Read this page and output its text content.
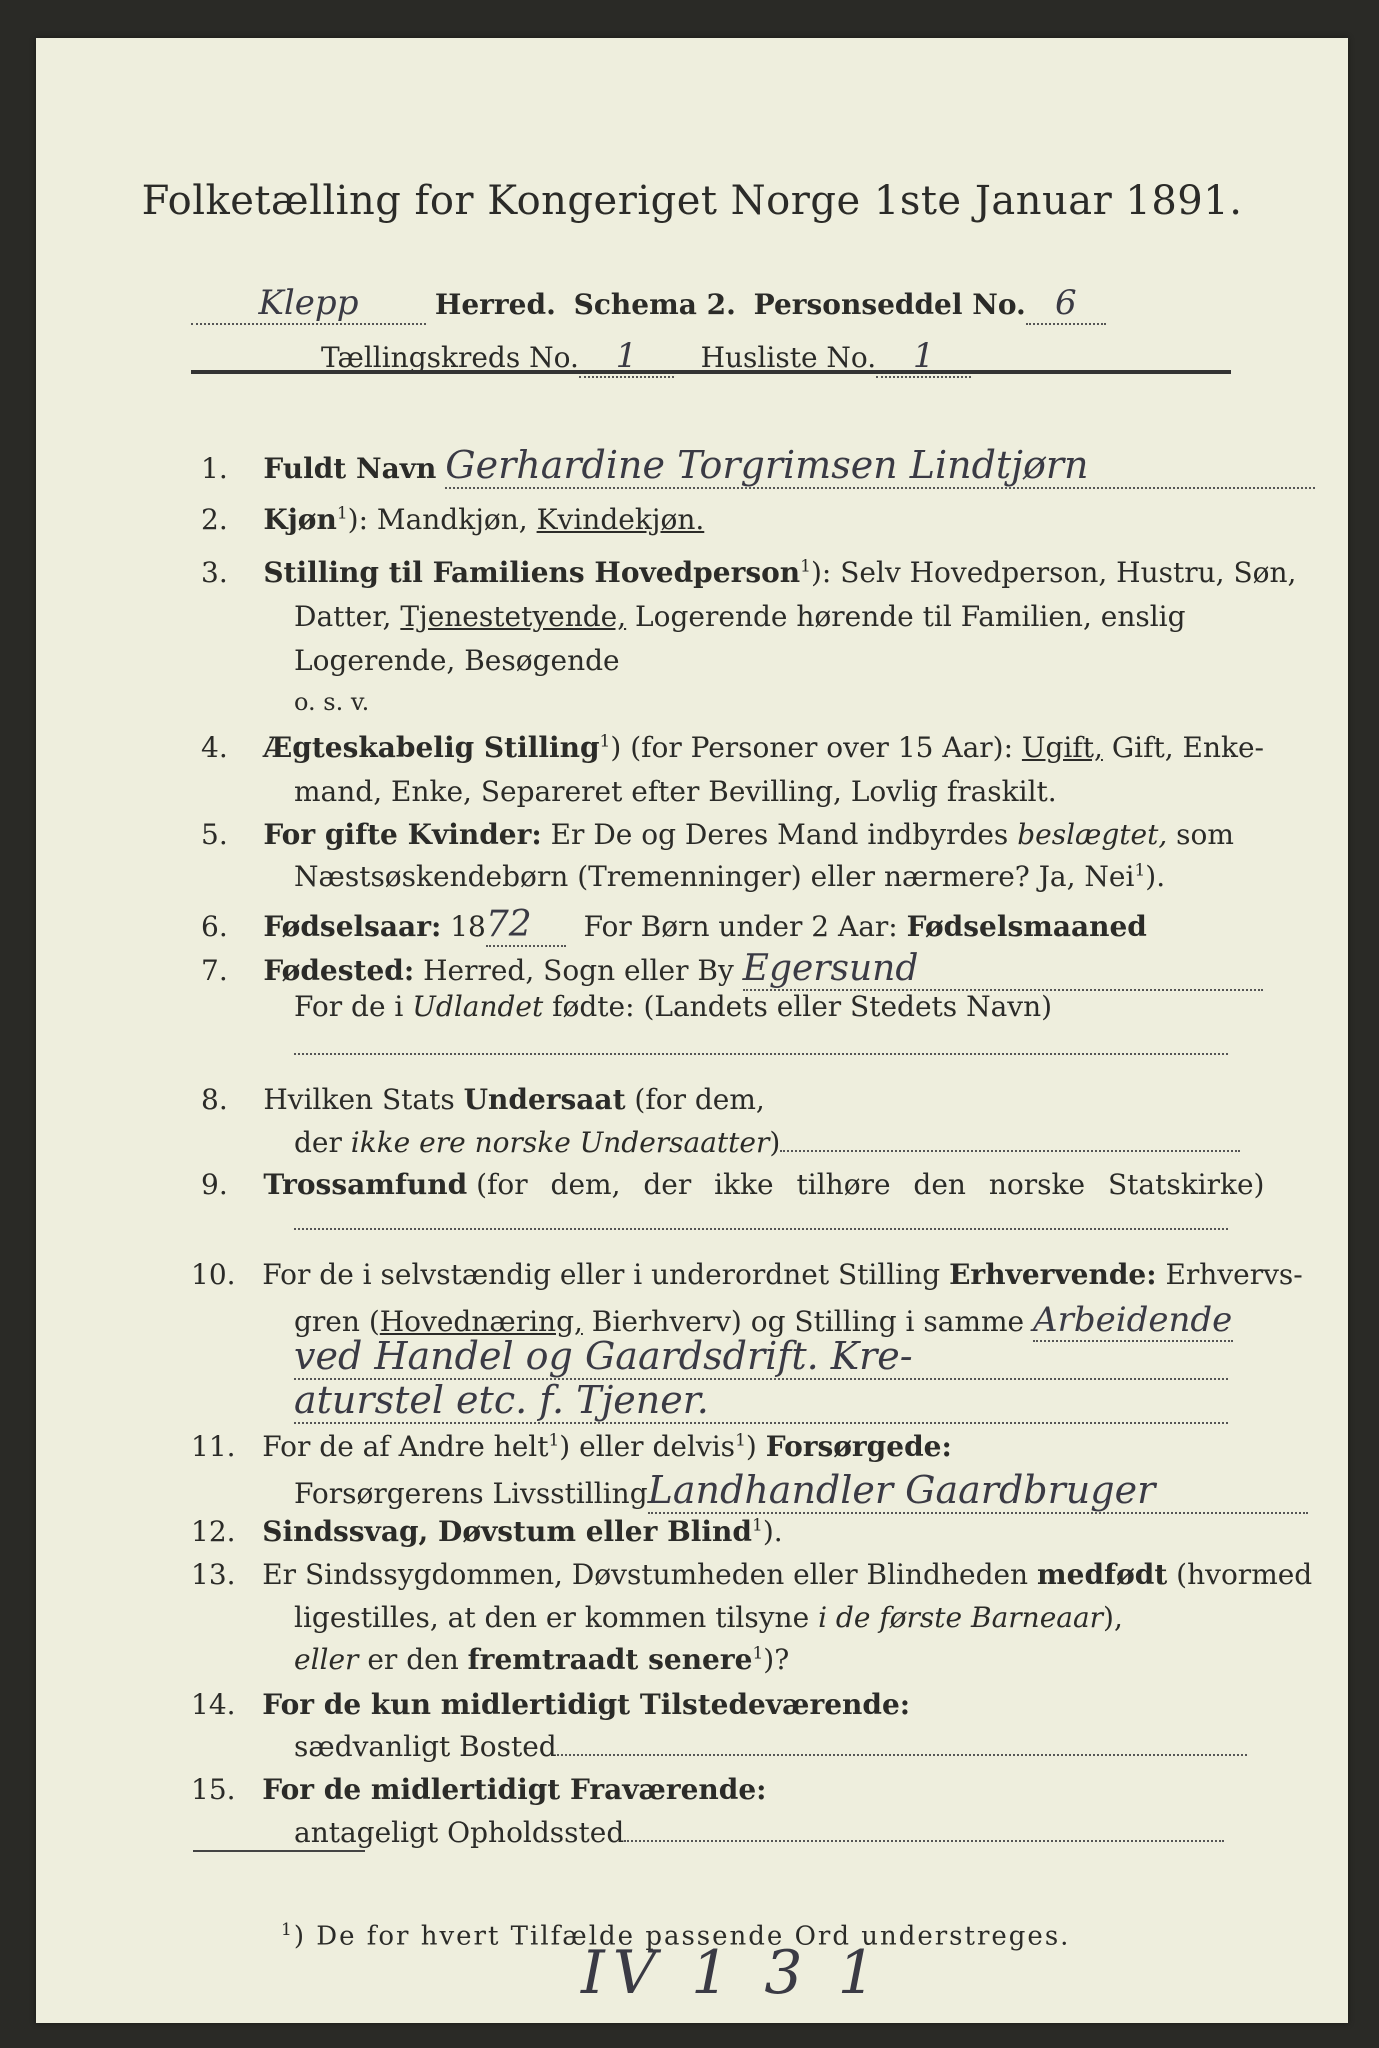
Folketælling for Kongeriget Norge 1ste Januar 1891.
Klepp	Herred. Schema 2. Personseddel No. 6
Tællingskreds No. 1 Husliste No. 1
1. Fuldt Navn Gerhardine Torgrimsen Lindtjørn
2. Kjøn$^1$): Mandkjøn, Kvindekjøn.
3. Stilling til Familiens Hovedperson$^1$): Selv Hovedperson, Hustru, Søn,
Datter, Tjenestetyende, Logerende hørende til Familien, enslig
Logerende, Besøgende
o. s. v.
4. Ægteskabelig Stilling$^1$) (for Personer over 15 Aar): Ugift, Gift, Enke-
mand, Enke, Separeret efter Bevilling, Lovlig fraskilt.
5. For gifte Kvinder: Er De og Deres Mand indbyrdes beslægtet, som
Næstsøskendebørn (Tremenninger) eller nærmere? Ja, Nei$^1$).
6. Fødselsaar: 1872 For Børn under 2 Aar: Fødselsmaaned
7. Fødested: Herred, Sogn eller By Egersund
For de i Udlandet fødte: (Landets eller Stedets Navn)
8. Hvilken Stats Undersaat (for dem,
der ikke ere norske Undersaatter)
9. Trossamfund (for dem, der ikke tilhøre den norske Statskirke)
10. For de i selvstændig eller i underordnet Stilling Erhvervende: Erhvervs-
gren (Hovednæring, Bierhverv) og Stilling i samme Arbeidende
ved Handel og Gaardsdrift. Kre-
aturstel etc. f. Tjener.
11. For de af Andre helt$^1$) eller delvis$^1$) Forsørgede:
Forsørgerens LivsstillingLandhandler Gaardbruger
12. Sindssvag, Døvstum eller Blind$^1$).
13. Er Sindssygdommen, Døvstumheden eller Blindheden medfødt (hvormed
ligestilles, at den er kommen tilsyne i de første Barneaar),
eller er den fremtraadt senere$^1$)?
14. For de kun midlertidigt Tilstedeværende:
sædvanligt Bosted
15. For de midlertidigt Fraværende:
antageligt Opholdssted
$^1$) De for hvert Tilfælde passende Ord understreges.
IV 1 3 1
